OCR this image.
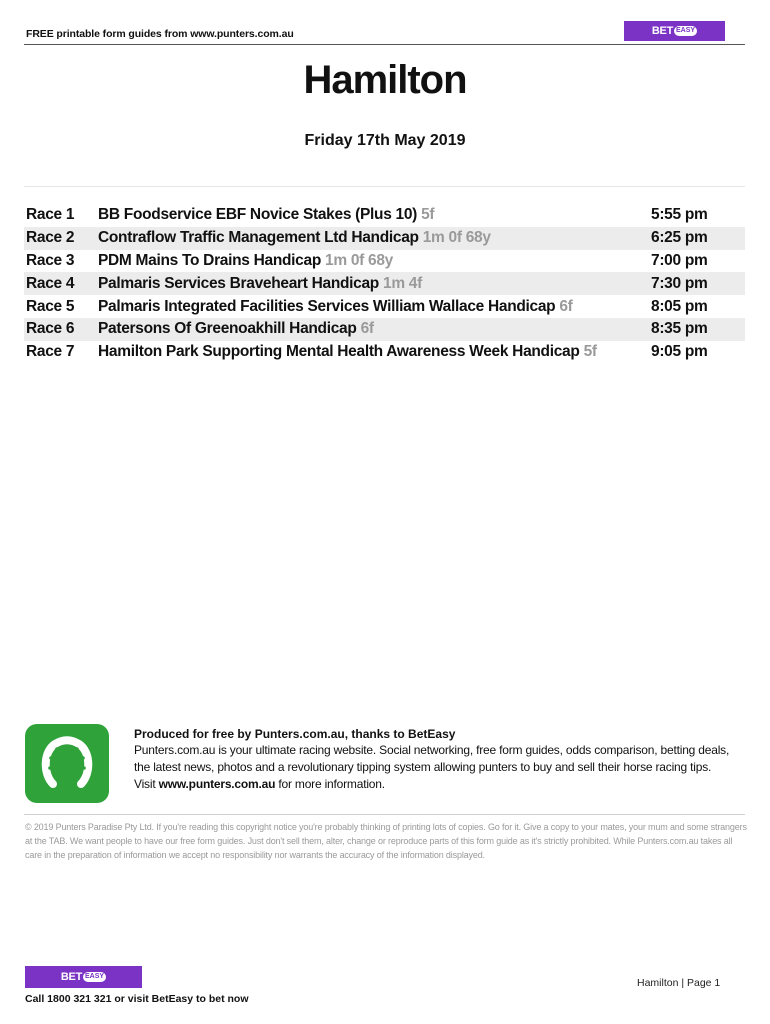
FREE printable form guides from www.punters.com.au	BET EASY
Hamilton
Friday 17th May 2019
Race 1 BB Foodservice EBF Novice Stakes (Plus 10) 5f	5:55 pm
Race 2 Contraflow Traffic Management Ltd Handicap 1m 0f 68y	6:25 pm
Race 3 PDM Mains To Drains Handicap 1m 0f 68y	7:00 pm
Race 4 Palmaris Services Braveheart Handicap 1m 4f	7:30 pm
Race 5 Palmaris Integrated Facilities Services William Wallace Handicap 6f	8:05 pm
Race 6 Patersons Of Greenoakhill Handicap 6f	8:35 pm
Race 7 Hamilton Park Supporting Mental Health Awareness Week Handicap 5f	9:05 pm
Produced for free by Punters.com.au, thanks to BetEasy
Punters.com.au is your ultimate racing website. Social networking, free form guides, odds comparison, betting deals, the latest news, photos and a revolutionary tipping system allowing punters to buy and sell their horse racing tips.
Visit www.punters.com.au for more information.
© 2019 Punters Paradise Pty Ltd. If you're reading this copyright notice you're probably thinking of printing lots of copies. Go for it. Give a copy to your mates, your mum and some strangers at the TAB. We want people to have our free form guides. Just don't sell them, alter, change or reproduce parts of this form guide as it's strictly prohibited. While Punters.com.au takes all care in the preparation of information we accept no responsibility nor warrants the accuracy of the information displayed.
BET EASY
Call 1800 321 321 or visit BetEasy to bet now
Hamilton | Page 1
